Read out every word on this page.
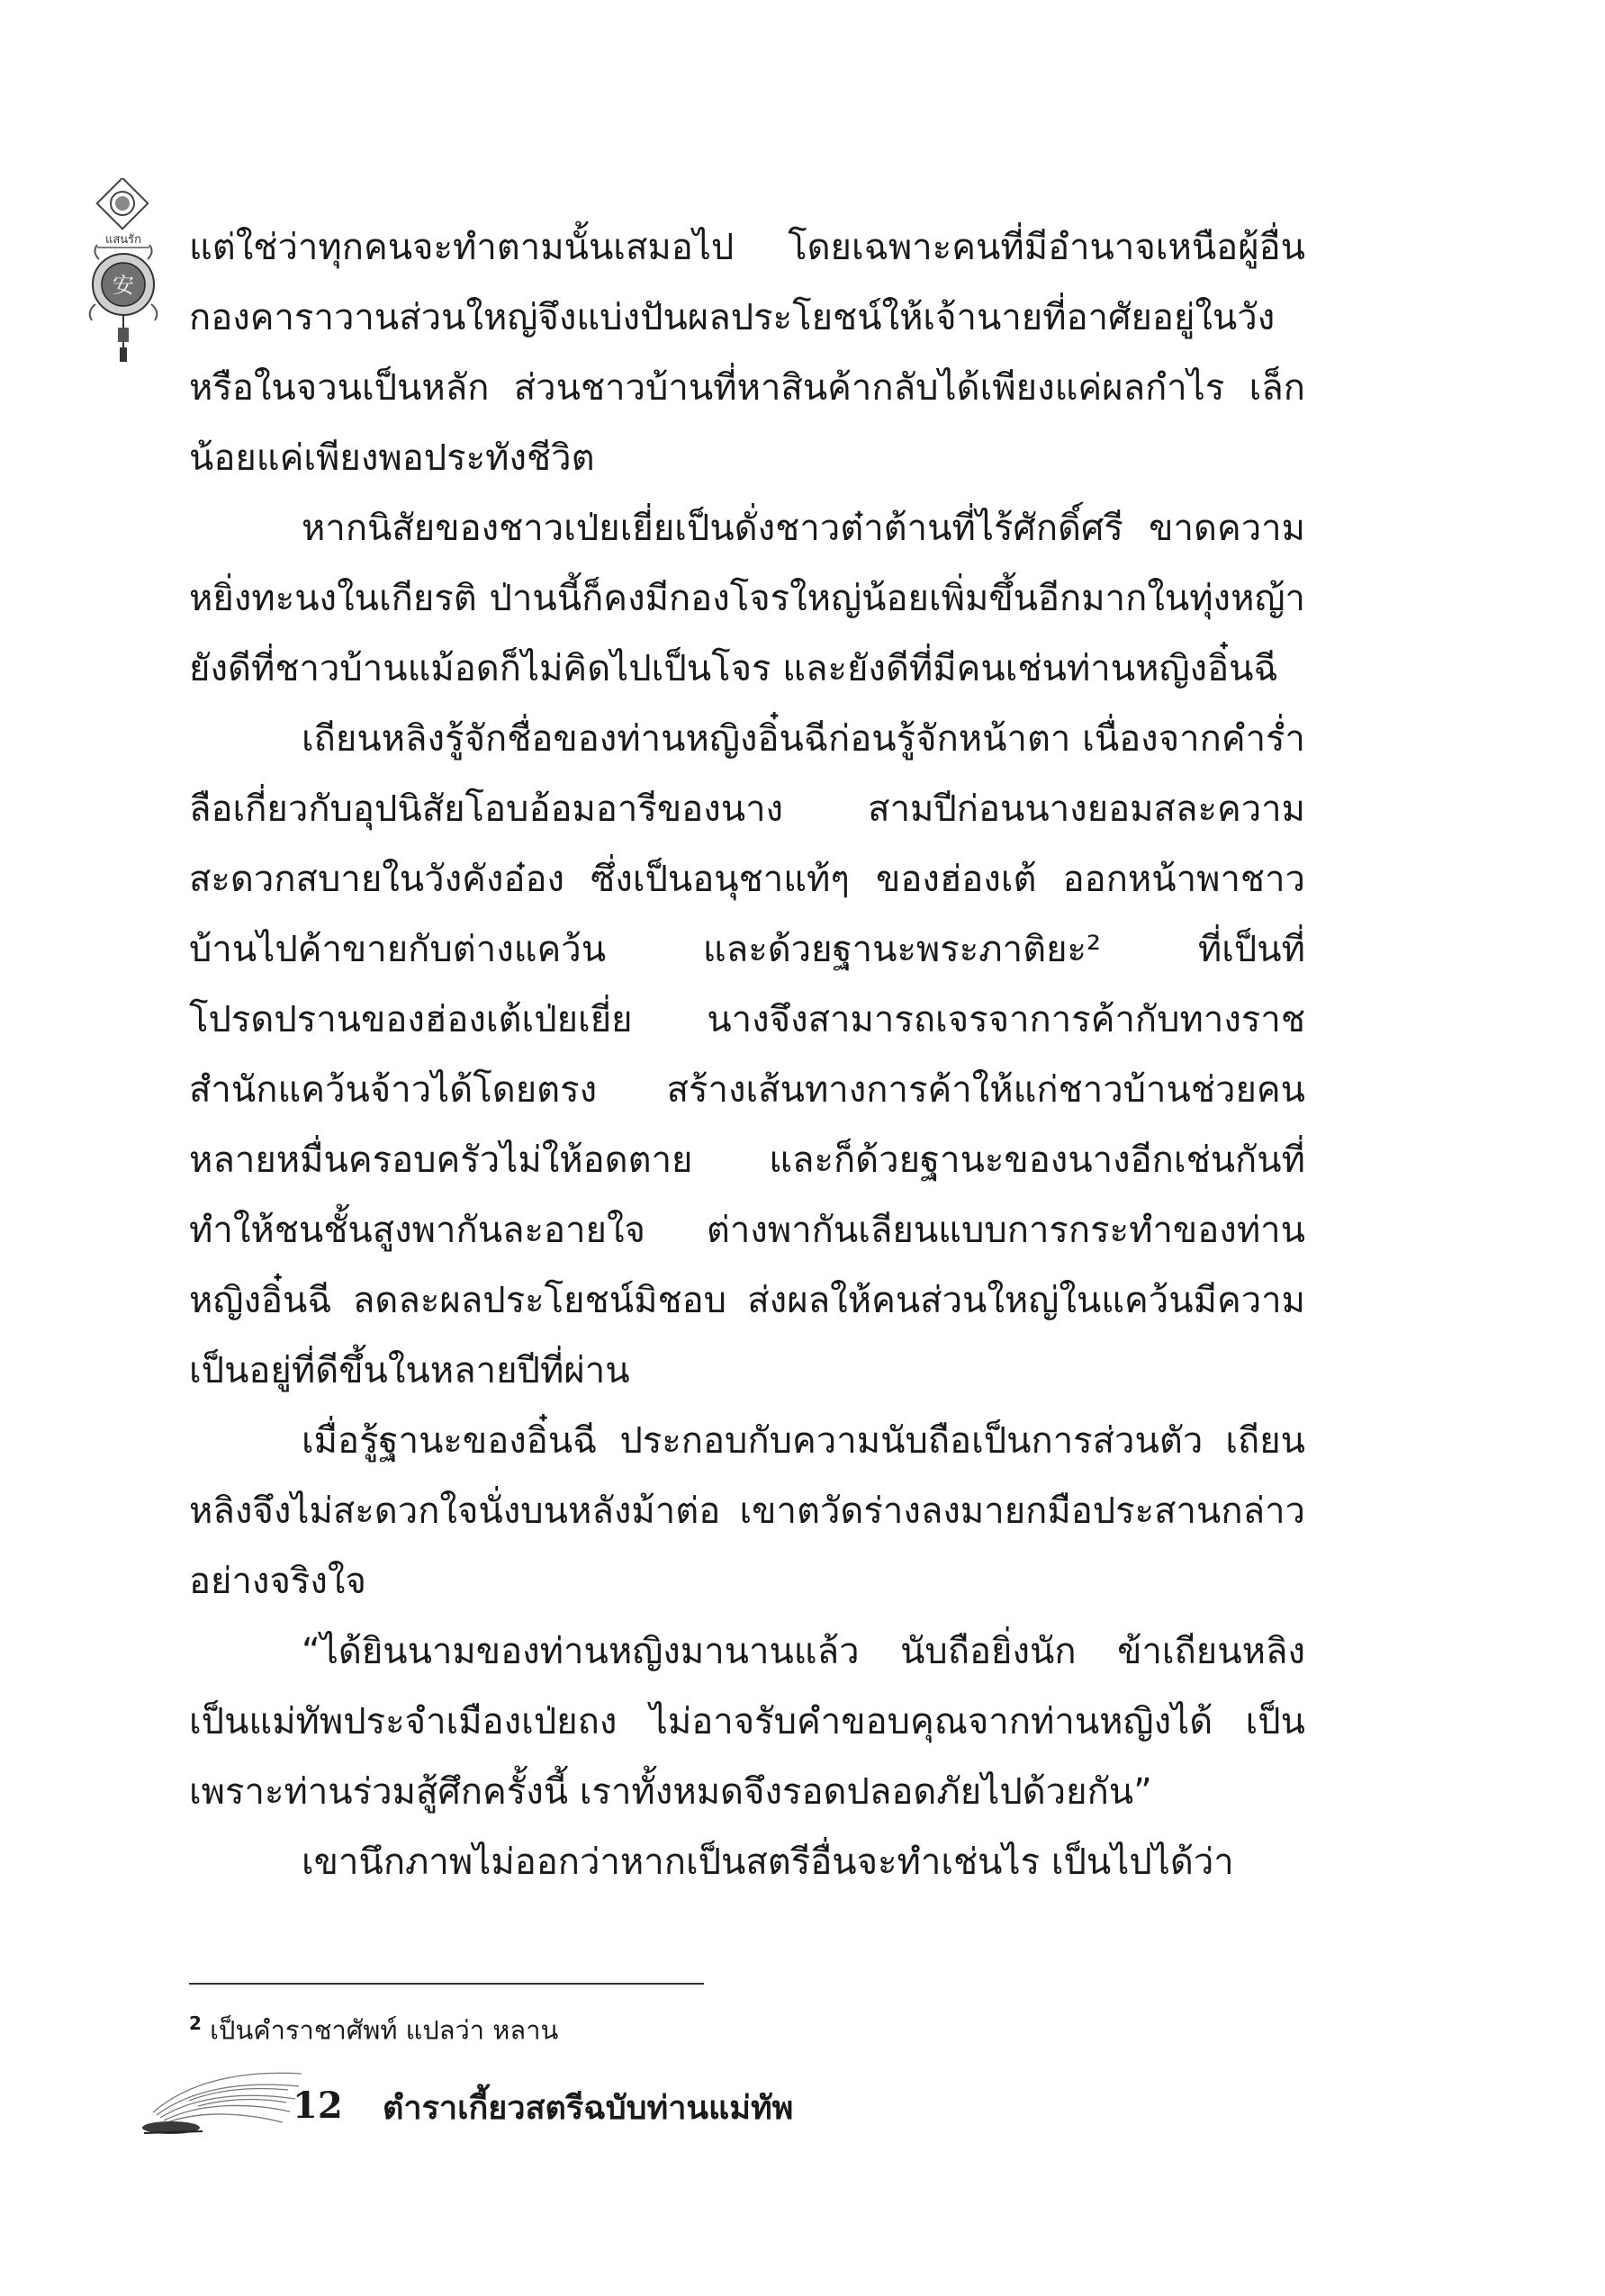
แสนรัก
安

แต่ใช่ว่าทุกคนจะทำตามนั้นเสมอไป โดยเฉพาะคนที่มีอำนาจเหนือผู้อื่น กองคาราวานส่วนใหญ่จึงแบ่งปันผลประโยชน์ให้เจ้านายที่อาศัยอยู่ในวัง หรือในจวนเป็นหลัก ส่วนชาวบ้านที่หาสินค้ากลับได้เพียงแค่ผลกำไร เล็กน้อยแค่เพียงพอประทังชีวิต

หากนิสัยของชาวเป่ยเยี่ยเป็นดั่งชาวต๋าต้านที่ไร้ศักดิ์ศรี ขาดความหยิ่งทะนงในเกียรติ ป่านนี้ก็คงมีกองโจรใหญ่น้อยเพิ่มขึ้นอีกมากในทุ่งหญ้า ยังดีที่ชาวบ้านแม้อดก็ไม่คิดไปเป็นโจร และยังดีที่มีคนเช่นท่านหญิงอิ๋นฉี

เถียนหลิงรู้จักชื่อของท่านหญิงอิ๋นฉีก่อนรู้จักหน้าตา เนื่องจากคำร่ำลือเกี่ยวกับอุปนิสัยโอบอ้อมอารีของนาง สามปีก่อนนางยอมสละความสะดวกสบายในวังคังอ๋อง ซึ่งเป็นอนุชาแท้ๆ ของฮ่องเต้ ออกหน้าพาชาวบ้านไปค้าขายกับต่างแคว้น และด้วยฐานะพระภาติยะ² ที่เป็นที่โปรดปรานของฮ่องเต้เป่ยเยี่ย นางจึงสามารถเจรจาการค้ากับทางราชสำนักแคว้นจ้าวได้โดยตรง สร้างเส้นทางการค้าให้แก่ชาวบ้านช่วยคนหลายหมื่นครอบครัวไม่ให้อดตาย และก็ด้วยฐานะของนางอีกเช่นกันที่ทำให้ชนชั้นสูงพากันละอายใจ ต่างพากันเลียนแบบการกระทำของท่านหญิงอิ๋นฉี ลดละผลประโยชน์มิชอบ ส่งผลให้คนส่วนใหญ่ในแคว้นมีความเป็นอยู่ที่ดีขึ้นในหลายปีที่ผ่าน

เมื่อรู้ฐานะของอิ๋นฉี ประกอบกับความนับถือเป็นการส่วนตัว เถียนหลิงจึงไม่สะดวกใจนั่งบนหลังม้าต่อ เขาตวัดร่างลงมายกมือประสานกล่าวอย่างจริงใจ

“ได้ยินนามของท่านหญิงมานานแล้ว นับถือยิ่งนัก ข้าเถียนหลิงเป็นแม่ทัพประจำเมืองเป่ยถง ไม่อาจรับคำขอบคุณจากท่านหญิงได้ เป็นเพราะท่านร่วมสู้ศึกครั้งนี้ เราทั้งหมดจึงรอดปลอดภัยไปด้วยกัน”

เขานึกภาพไม่ออกว่าหากเป็นสตรีอื่นจะทำเช่นไร เป็นไปได้ว่า

$^2$ เป็นคำราชาศัพท์ แปลว่า หลาน
12 ตำราเกี้ยวสตรีฉบับท่านแม่ทัพ
